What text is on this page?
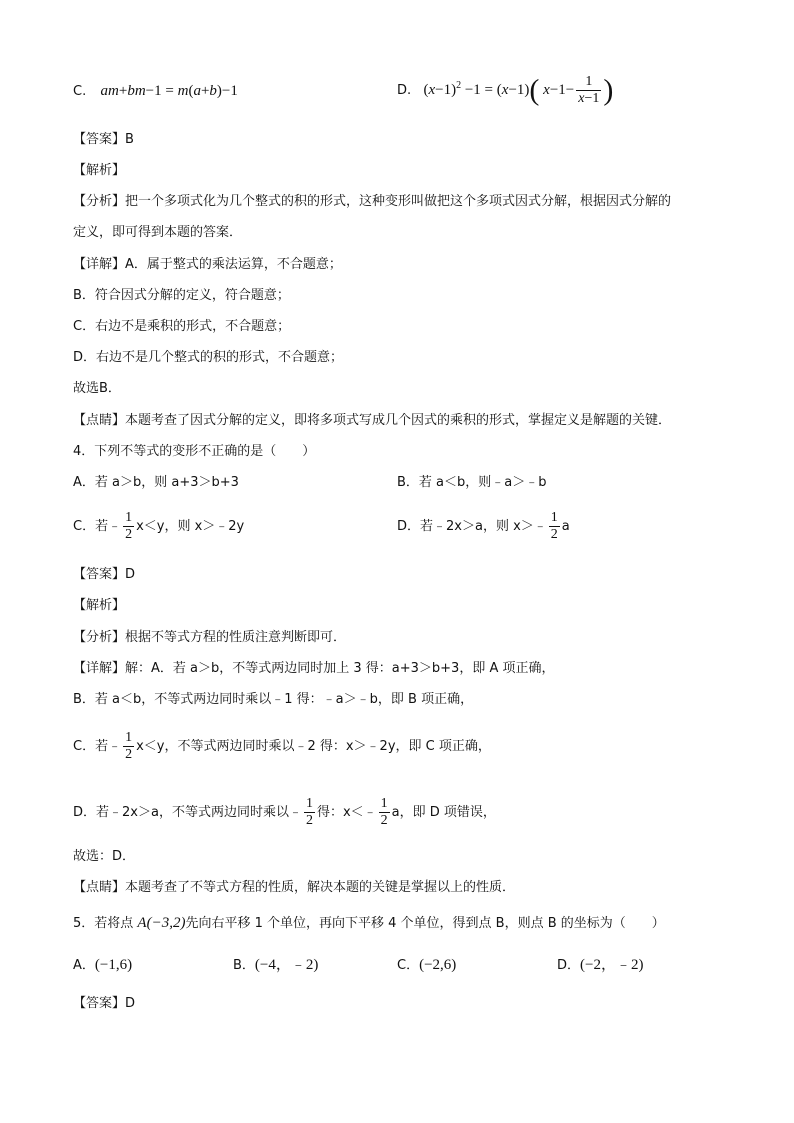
C. am+bm−1 = m(a+b)−1	D. $(x-1)^2 -1 = (x-1)$( $x-1- \frac{1}{x-1}$ )
【答案】B
【解析】
【分析】把一个多项式化为几个整式的积的形式，这种变形叫做把这个多项式因式分解，根据因式分解的
定义，即可得到本题的答案．
【详解】A．属于整式的乘法运算，不合题意；
B．符合因式分解的定义，符合题意；
C．右边不是乘积的形式，不合题意；
D．右边不是几个整式的积的形式，不合题意；
故选B．
【点睛】本题考查了因式分解的定义，即将多项式写成几个因式的乘积的形式，掌握定义是解题的关键．
4．下列不等式的变形不正确的是（　　）
A．若 a＞b，则 a+3＞b+3	B．若 a＜b，则﹣a＞﹣b
C．若﹣ $\frac{1}{2} x<y$，则 x＞﹣2y	D．若﹣2x＞a，则 x＞﹣ $\frac{1}{2}$ a
【答案】D
【解析】
【分析】根据不等式方程的性质注意判断即可．
【详解】解：A．若 a＞b，不等式两边同时加上 3 得：a+3＞b+3，即 A 项正确，
B．若 a＜b，不等式两边同时乘以﹣1 得：﹣a＞﹣b，即 B 项正确，
C．若﹣ $\frac{1}{2} x<y$，不等式两边同时乘以﹣2 得：x＞﹣2y，即 C 项正确，
D．若﹣2x＞a，不等式两边同时乘以﹣ $\frac{1}{2}$ 得：x＜﹣ $\frac{1}{2}$ a，即 D 项错误，
故选：D．
【点睛】本题考查了不等式方程的性质，解决本题的关键是掌握以上的性质．
5．若将点 A(−3,2)先向右平移 1 个单位，再向下平移 4 个单位，得到点 B，则点 B 的坐标为（　　）
A．(−1,6)	B．(−4，﹣2)	C．(−2,6)	D．(−2，﹣2)
【答案】D
